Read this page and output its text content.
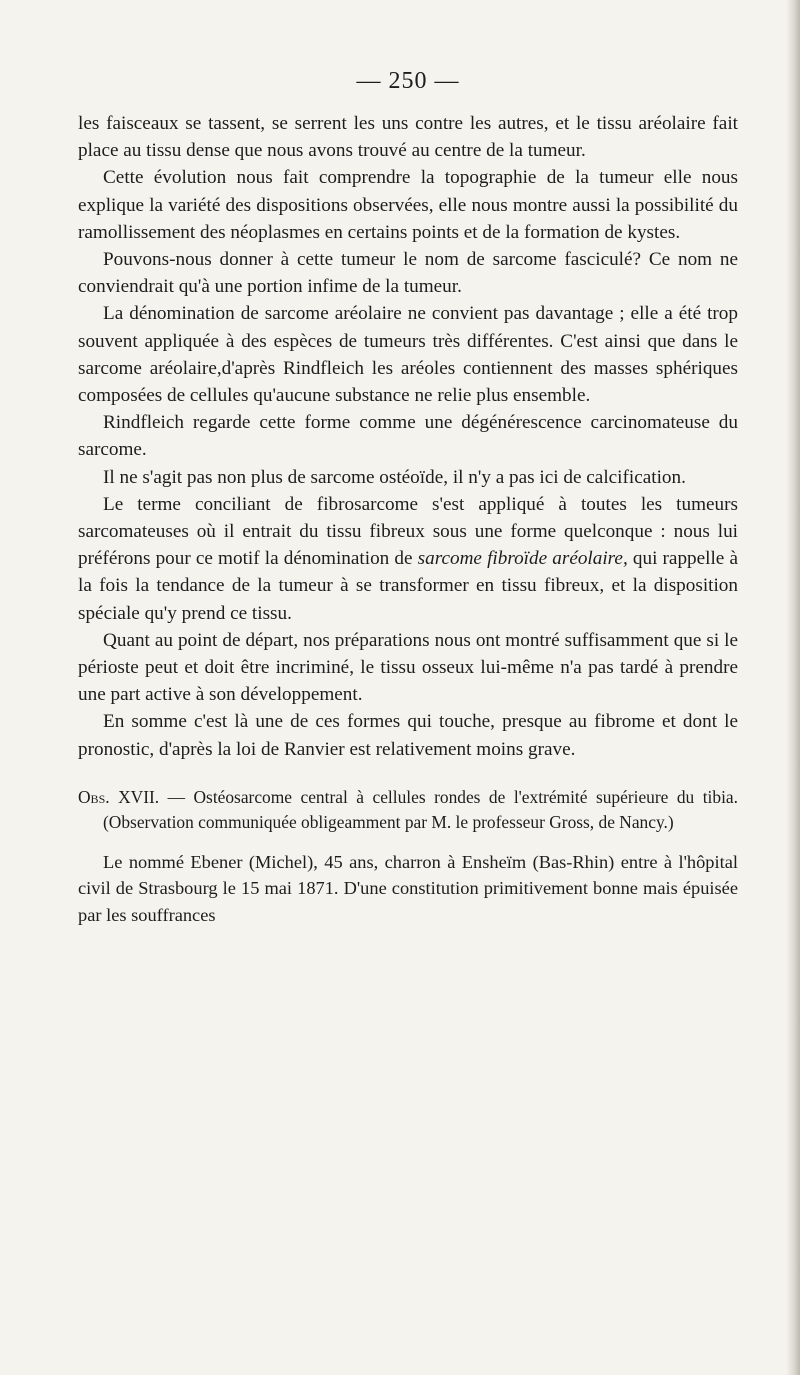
— 250 —

les faisceaux se tassent, se serrent les uns contre les autres, et le tissu aréolaire fait place au tissu dense que nous avons trouvé au centre de la tumeur.

Cette évolution nous fait comprendre la topographie de la tumeur elle nous explique la variété des dispositions observées, elle nous montre aussi la possibilité du ramollissement des néoplasmes en certains points et de la formation de kystes.

Pouvons-nous donner à cette tumeur le nom de sarcome fasciculé? Ce nom ne conviendrait qu'à une portion infime de la tumeur.

La dénomination de sarcome aréolaire ne convient pas davantage ; elle a été trop souvent appliquée à des espèces de tumeurs très différentes. C'est ainsi que dans le sarcome aréolaire,d'après Rindfleich les aréoles contiennent des masses sphériques composées de cellules qu'aucune substance ne relie plus ensemble.

Rindfleich regarde cette forme comme une dégénérescence carcinomateuse du sarcome.

Il ne s'agit pas non plus de sarcome ostéoïde, il n'y a pas ici de calcification.

Le terme conciliant de fibrosarcome s'est appliqué à toutes les tumeurs sarcomateuses où il entrait du tissu fibreux sous une forme quelconque : nous lui préférons pour ce motif la dénomination de sarcome fibroïde aréolaire, qui rappelle à la fois la tendance de la tumeur à se transformer en tissu fibreux, et la disposition spéciale qu'y prend ce tissu.

Quant au point de départ, nos préparations nous ont montré suffisamment que si le périoste peut et doit être incriminé, le tissu osseux lui-même n'a pas tardé à prendre une part active à son développement.

En somme c'est là une de ces formes qui touche, presque au fibrome et dont le pronostic, d'après la loi de Ranvier est relativement moins grave.

Obs. XVII. — Ostéosarcome central à cellules rondes de l'extrémité supérieure du tibia. (Observation communiquée obligeamment par M. le professeur Gross, de Nancy.)

Le nommé Ebener (Michel), 45 ans, charron à Ensheïm (Bas-Rhin) entre à l'hôpital civil de Strasbourg le 15 mai 1871. D'une constitution primitivement bonne mais épuisée par les souffrances
